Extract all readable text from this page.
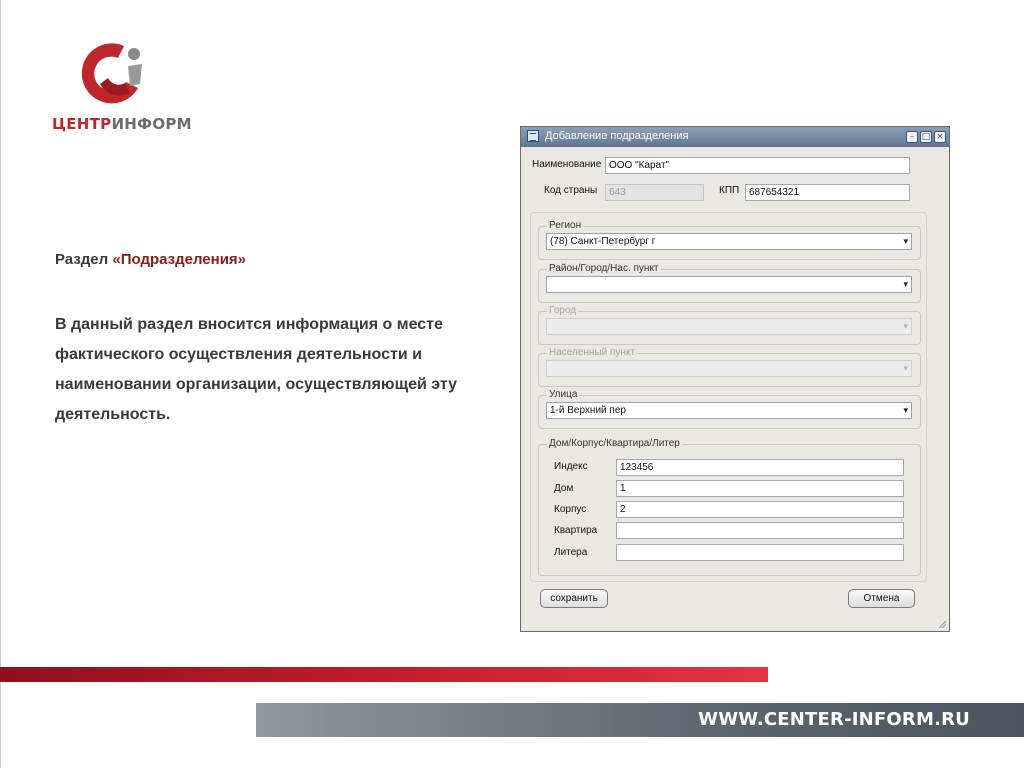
ЦЕНТРИНФОРМ
Раздел «Подразделения»
В данный раздел вносится информация о месте фактического осуществления деятельности и наименовании организации, осуществляющей эту деятельность.
Добавление подразделения	– □ ×
Наименование ООО "Карат"
Код страны	643	КПП 687654321
Регион
(78) Санкт-Петербург г	▾
Район/Город/Нас. пункт
▾
Город
▾
Населенный пункт
▾
Улица
1-й Верхний пер	▾
Дом/Корпус/Квартира/Литер
Индекс	123456
Дом	1
Корпус	2
Квартира
Литера
сохранить	Отмена
WWW.CENTER-INFORM.RU
